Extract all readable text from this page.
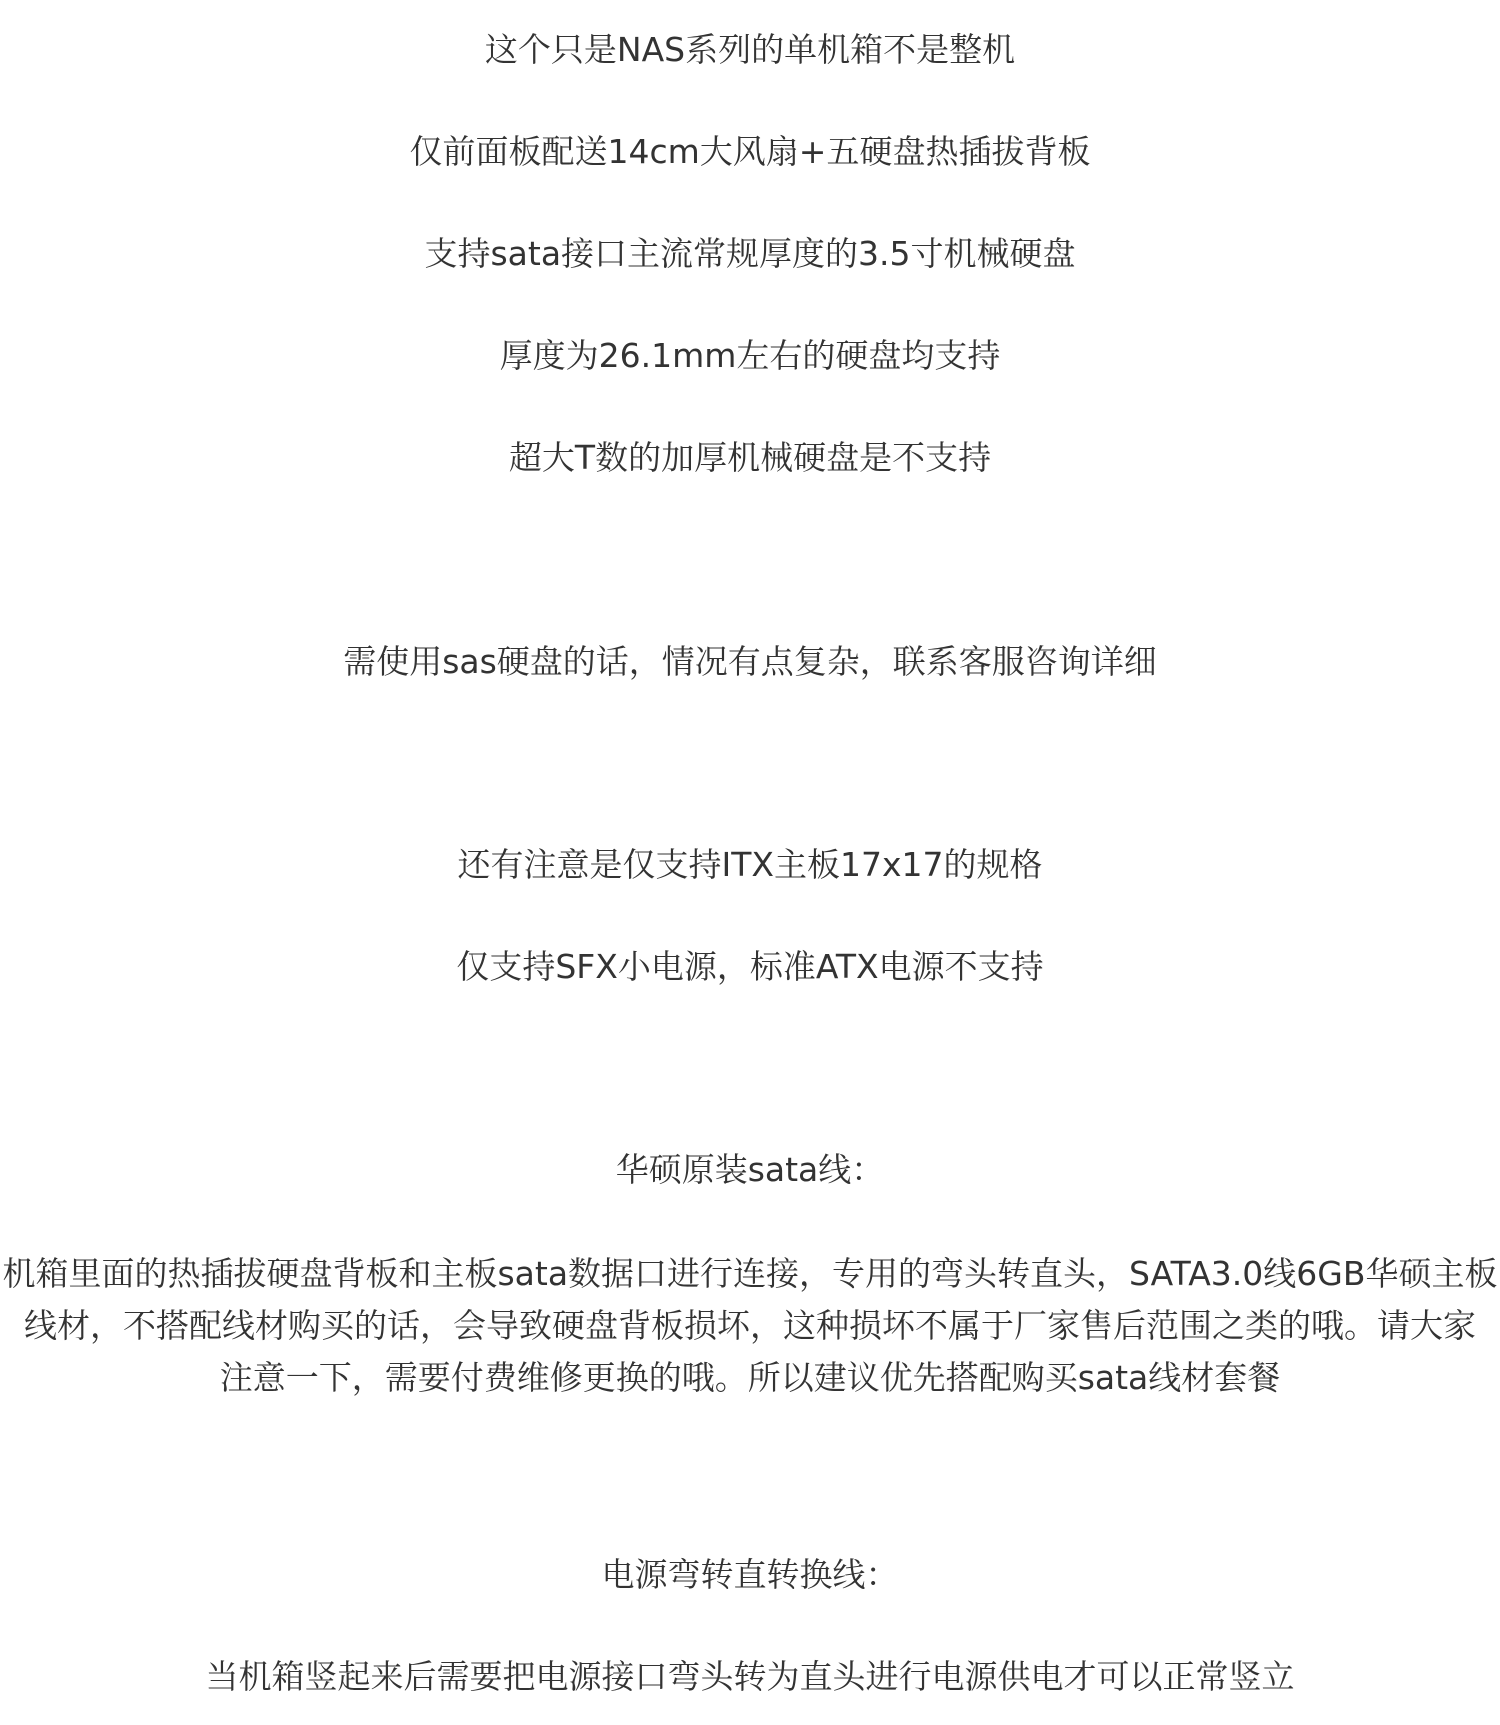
这个只是NAS系列的单机箱不是整机
仅前面板配送14cm大风扇+五硬盘热插拔背板
支持sata接口主流常规厚度的3.5寸机械硬盘
厚度为26.1mm左右的硬盘均支持
超大T数的加厚机械硬盘是不支持
需使用sas硬盘的话，情况有点复杂，联系客服咨询详细
还有注意是仅支持ITX主板17x17的规格
仅支持SFX小电源，标准ATX电源不支持
华硕原装sata线：
机箱里面的热插拔硬盘背板和主板sata数据口进行连接，专用的弯头转直头，SATA3.0线6GB华硕主板
线材，不搭配线材购买的话，会导致硬盘背板损坏，这种损坏不属于厂家售后范围之类的哦。请大家
注意一下，需要付费维修更换的哦。所以建议优先搭配购买sata线材套餐
电源弯转直转换线：
当机箱竖起来后需要把电源接口弯头转为直头进行电源供电才可以正常竖立
